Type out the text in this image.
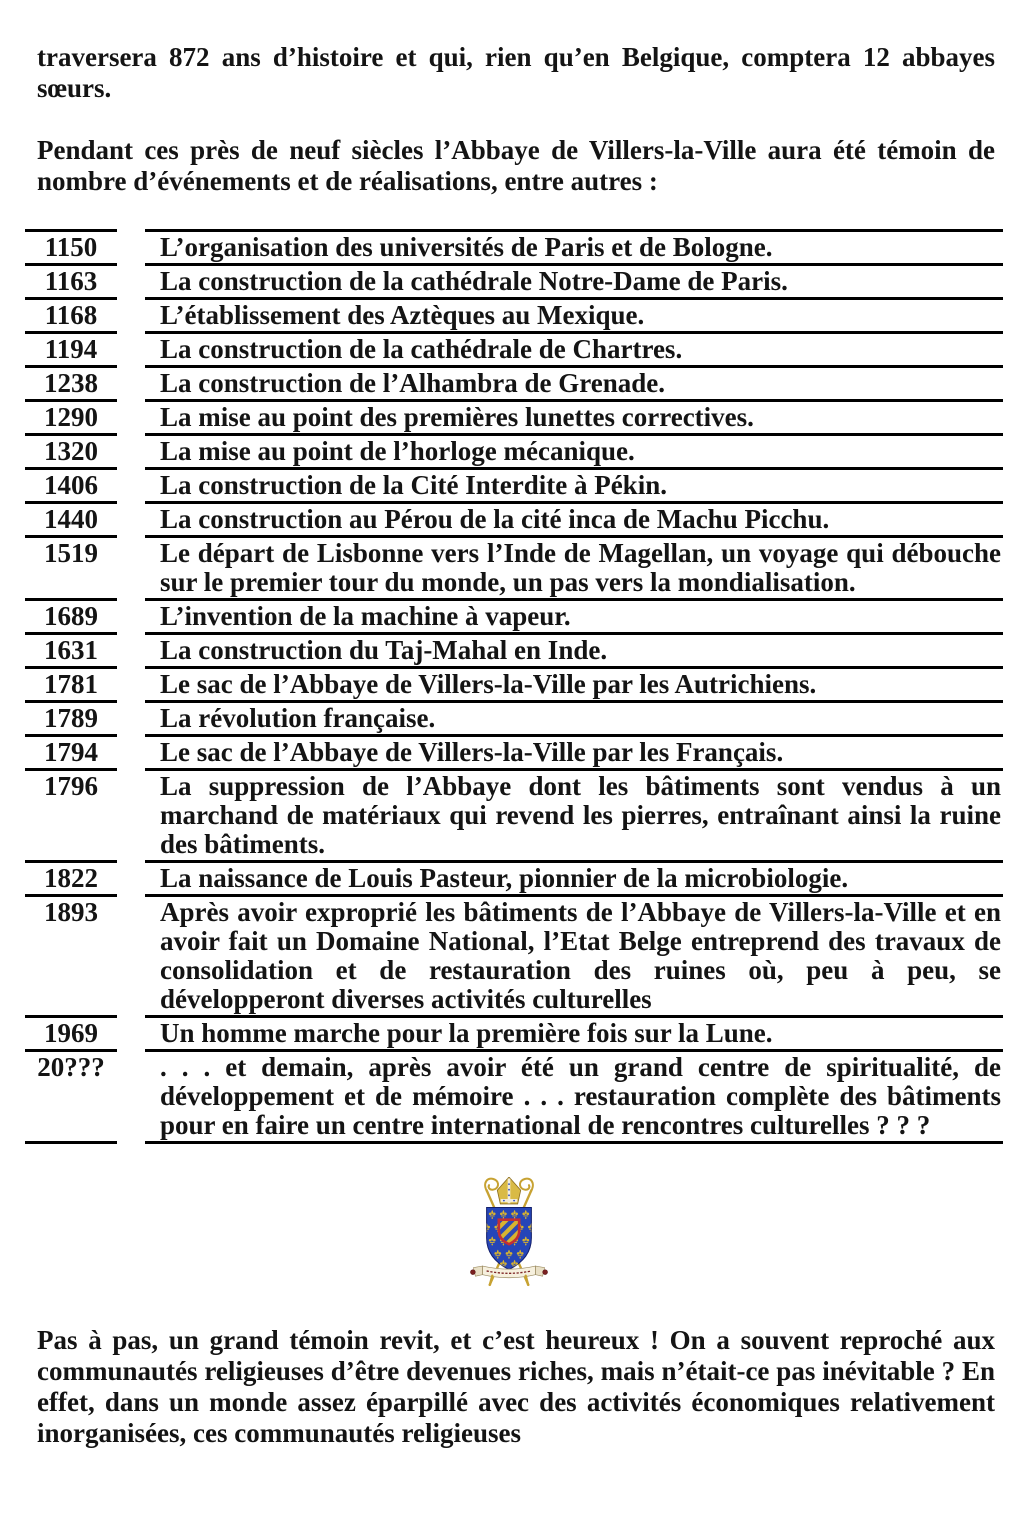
traversera 872 ans d’histoire et qui, rien qu’en Belgique, comptera 12 abbayes sœurs.

Pendant ces près de neuf siècles l’Abbaye de Villers-la-Ville aura été témoin de nombre d’événements et de réalisations, entre autres :

1150	L’organisation des universités de Paris et de Bologne.
1163	La construction de la cathédrale Notre-Dame de Paris.
1168	L’établissement des Aztèques au Mexique.
1194	La construction de la cathédrale de Chartres.
1238	La construction de l’Alhambra de Grenade.
1290	La mise au point des premières lunettes correctives.
1320	La mise au point de l’horloge mécanique.
1406	La construction de la Cité Interdite à Pékin.
1440	La construction au Pérou de la cité inca de Machu Picchu.
1519	Le départ de Lisbonne vers l’Inde de Magellan, un voyage qui débouche sur le premier tour du monde, un pas vers la mondialisation.
1689	L’invention de la machine à vapeur.
1631	La construction du Taj-Mahal en Inde.
1781	Le sac de l’Abbaye de Villers-la-Ville par les Autrichiens.
1789	La révolution française.
1794	Le sac de l’Abbaye de Villers-la-Ville par les Français.
1796	La suppression de l’Abbaye dont les bâtiments sont vendus à un marchand de matériaux qui revend les pierres, entraînant ainsi la ruine des bâtiments.
1822	La naissance de Louis Pasteur, pionnier de la microbiologie.
1893	Après avoir exproprié les bâtiments de l’Abbaye de Villers-la-Ville et en avoir fait un Domaine National, l’Etat Belge entreprend des travaux de consolidation et de restauration des ruines où, peu à peu, se développeront diverses activités culturelles
1969	Un homme marche pour la première fois sur la Lune.
20???	. . . et demain, après avoir été un grand centre de spiritualité, de développement et de mémoire . . . restauration complète des bâtiments pour en faire un centre international de rencontres culturelles ? ? ?

Pas à pas, un grand témoin revit, et c’est heureux ! On a souvent reproché aux communautés religieuses d’être devenues riches, mais n’était-ce pas inévitable ? En effet, dans un monde assez éparpillé avec des activités économiques relativement inorganisées, ces communautés religieuses
